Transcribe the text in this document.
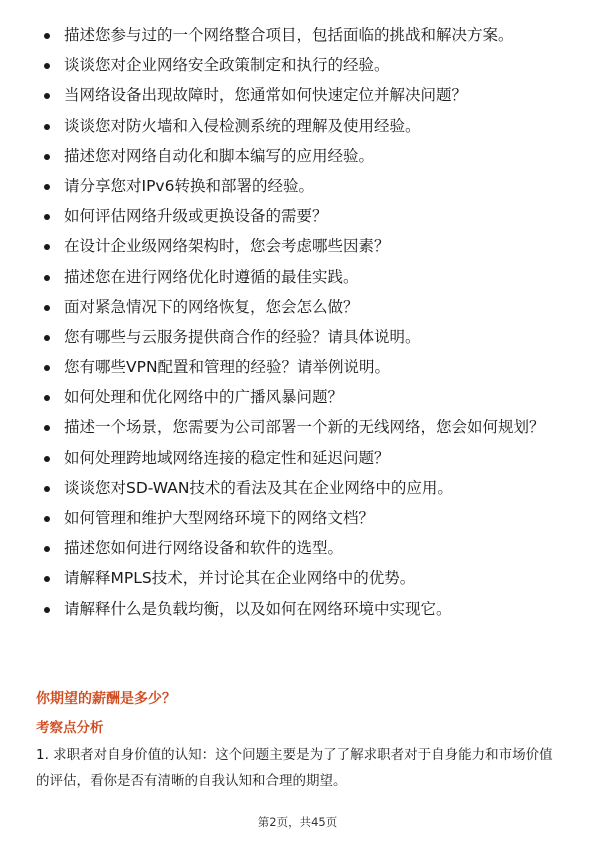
描述您参与过的一个网络整合项目，包括面临的挑战和解决方案。
谈谈您对企业网络安全政策制定和执行的经验。
当网络设备出现故障时，您通常如何快速定位并解决问题？
谈谈您对防火墙和入侵检测系统的理解及使用经验。
描述您对网络自动化和脚本编写的应用经验。
请分享您对IPv6转换和部署的经验。
如何评估网络升级或更换设备的需要？
在设计企业级网络架构时，您会考虑哪些因素？
描述您在进行网络优化时遵循的最佳实践。
面对紧急情况下的网络恢复，您会怎么做？
您有哪些与云服务提供商合作的经验？请具体说明。
您有哪些VPN配置和管理的经验？请举例说明。
如何处理和优化网络中的广播风暴问题？
描述一个场景，您需要为公司部署一个新的无线网络，您会如何规划？
如何处理跨地域网络连接的稳定性和延迟问题？
谈谈您对SD-WAN技术的看法及其在企业网络中的应用。
如何管理和维护大型网络环境下的网络文档？
描述您如何进行网络设备和软件的选型。
请解释MPLS技术，并讨论其在企业网络中的优势。
请解释什么是负载均衡，以及如何在网络环境中实现它。
你期望的薪酬是多少？
考察点分析

1. 求职者对自身价值的认知：这个问题主要是为了了解求职者对于自身能力和市场价值的评估，看你是否有清晰的自我认知和合理的期望。

第2页，共45页
